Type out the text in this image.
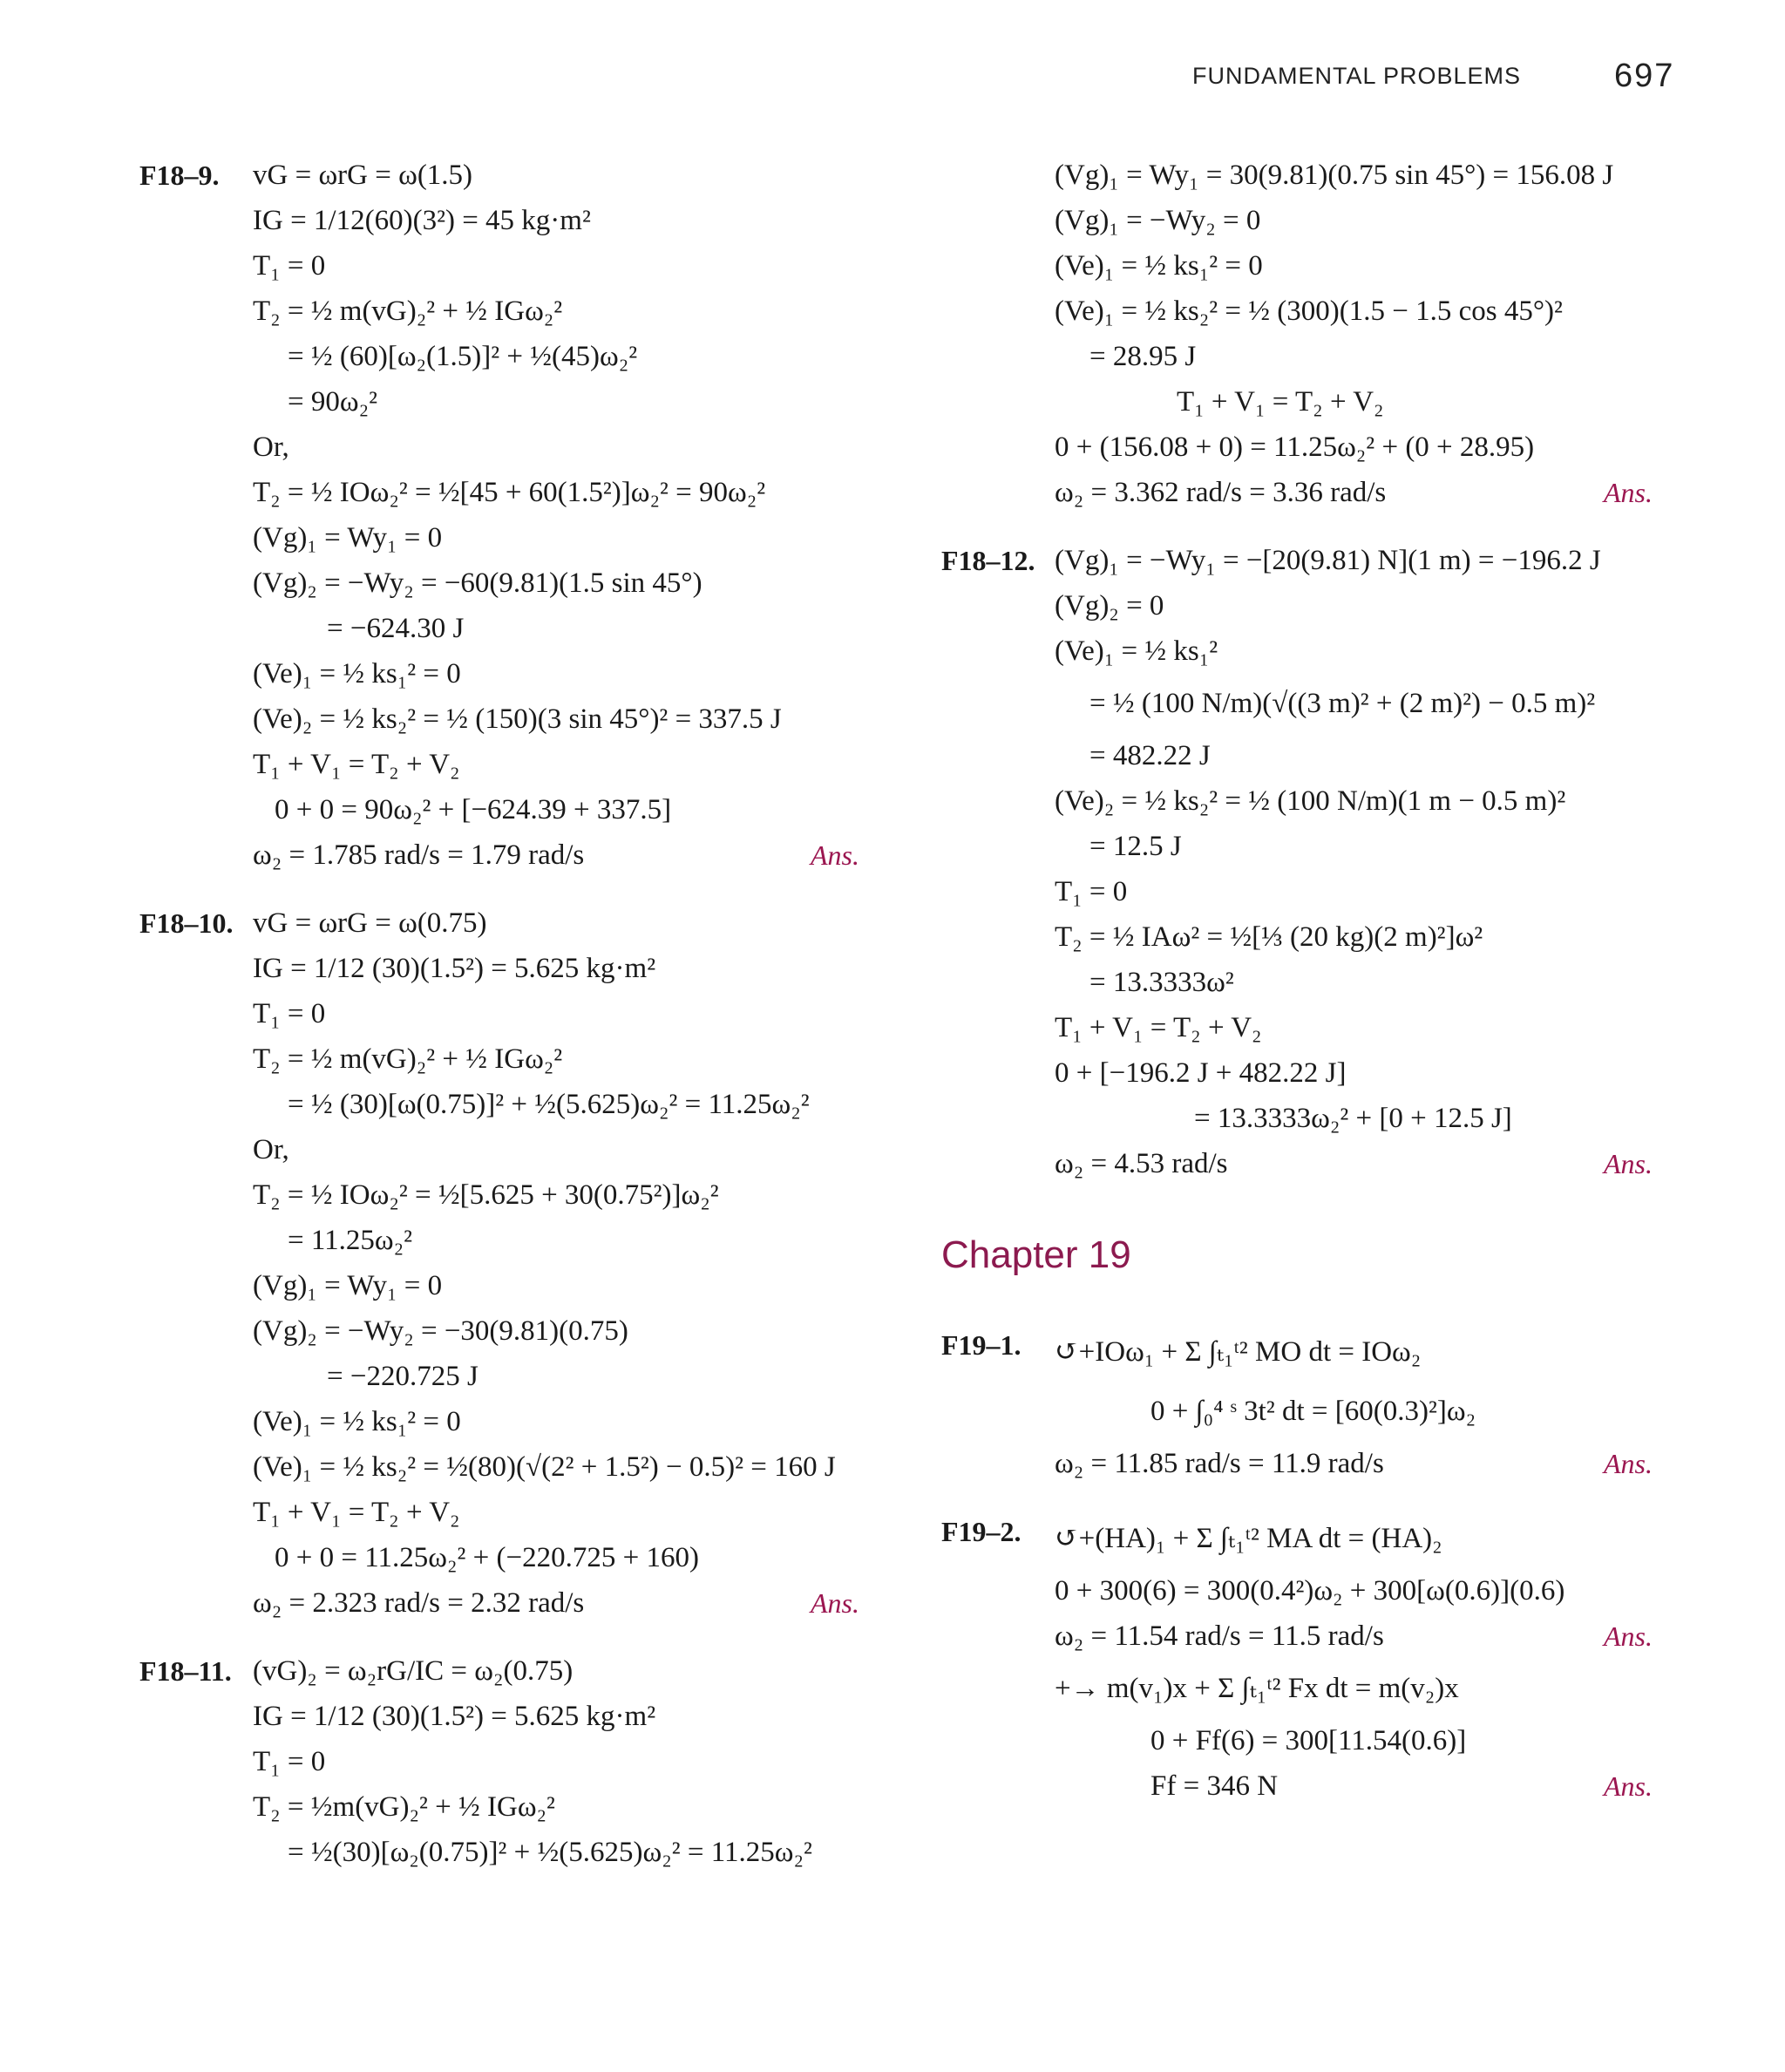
FUNDAMENTAL PROBLEMS	697
F18–9.	vG = ωrG = ω(1.5)
IG = 1/12(60)(3²) = 45 kg·m²
T₁ = 0
T₂ = ½ m(vG)₂² + ½ IGω₂²
= ½ (60)[ω₂(1.5)]² + ½(45)ω₂²
= 90ω₂²
Or,
T₂ = ½ IOω₂² = ½[45 + 60(1.5²)]ω₂² = 90ω₂²
(Vg)₁ = Wy₁ = 0
(Vg)₂ = −Wy₂ = −60(9.81)(1.5 sin 45°)
= −624.30 J
(Ve)₁ = ½ ks₁² = 0
(Ve)₂ = ½ ks₂² = ½ (150)(3 sin 45°)² = 337.5 J
T₁ + V₁ = T₂ + V₂
0 + 0 = 90ω₂² + [−624.39 + 337.5]
ω₂ = 1.785 rad/s = 1.79 rad/s	Ans.
F18–10. vG = ωrG = ω(0.75)
IG = 1/12 (30)(1.5²) = 5.625 kg·m²
T₁ = 0
T₂ = ½ m(vG)₂² + ½ IGω₂²
= ½ (30)[ω(0.75)]² + ½(5.625)ω₂² = 11.25ω₂²
Or,
T₂ = ½ IOω₂² = ½[5.625 + 30(0.75²)]ω₂²
= 11.25ω₂²
(Vg)₁ = Wy₁ = 0
(Vg)₂ = −Wy₂ = −30(9.81)(0.75)
= −220.725 J
(Ve)₁ = ½ ks₁² = 0
(Ve)₁ = ½ ks₂² = ½(80)(√(2² + 1.5²) − 0.5)² = 160 J
T₁ + V₁ = T₂ + V₂
0 + 0 = 11.25ω₂² + (−220.725 + 160)
ω₂ = 2.323 rad/s = 2.32 rad/s	Ans.
F18–11. (vG)₂ = ω₂rG/IC = ω₂(0.75)
IG = 1/12 (30)(1.5²) = 5.625 kg·m²
T₁ = 0
T₂ = ½m(vG)₂² + ½ IGω₂²
= ½(30)[ω₂(0.75)]² + ½(5.625)ω₂² = 11.25ω₂²
(Vg)₁ = Wy₁ = 30(9.81)(0.75 sin 45°) = 156.08 J
(Vg)₁ = −Wy₂ = 0
(Ve)₁ = ½ ks₁² = 0
(Ve)₁ = ½ ks₂² = ½ (300)(1.5 − 1.5 cos 45°)²
= 28.95 J
T₁ + V₁ = T₂ + V₂
0 + (156.08 + 0) = 11.25ω₂² + (0 + 28.95)
ω₂ = 3.362 rad/s = 3.36 rad/s	Ans.
F18–12. (Vg)₁ = −Wy₁ = −[20(9.81) N](1 m) = −196.2 J
(Vg)₂ = 0
(Ve)₁ = ½ ks₁²
= ½ (100 N/m)(√((3 m)² + (2 m)²) − 0.5 m)²
= 482.22 J
(Ve)₂ = ½ ks₂² = ½ (100 N/m)(1 m − 0.5 m)²
= 12.5 J
T₁ = 0
T₂ = ½ IAω² = ½[⅓ (20 kg)(2 m)²]ω²
= 13.3333ω²
T₁ + V₁ = T₂ + V₂
0 + [−196.2 J + 482.22 J]
= 13.3333ω₂² + [0 + 12.5 J]
ω₂ = 4.53 rad/s	Ans.
Chapter 19
F19–1.	↺+IOω₁ + Σ ∫ₜ₁ᵗ² MO dt = IOω₂
0 + ∫₀⁴ ˢ 3t² dt = [60(0.3)²]ω₂
ω₂ = 11.85 rad/s = 11.9 rad/s	Ans.
F19–2.	↺+(HA)₁ + Σ ∫ₜ₁ᵗ² MA dt = (HA)₂
0 + 300(6) = 300(0.4²)ω₂ + 300[ω(0.6)](0.6)
ω₂ = 11.54 rad/s = 11.5 rad/s	Ans.
+→ m(v₁)x + Σ ∫ₜ₁ᵗ² Fx dt = m(v₂)x
0 + Ff(6) = 300[11.54(0.6)]
Ff = 346 N	Ans.
